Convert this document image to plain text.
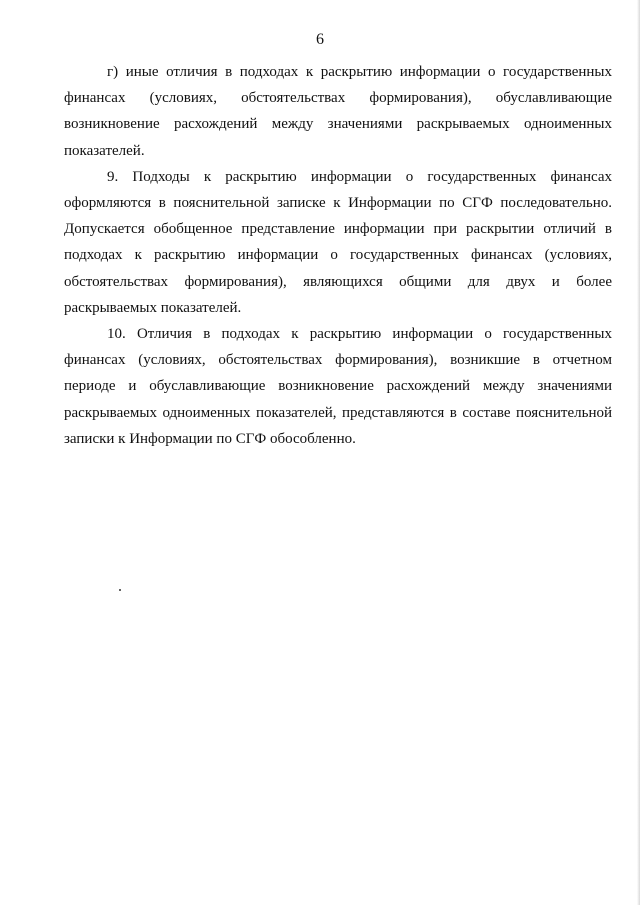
6

г) иные отличия в подходах к раскрытию информации о государственных финансах (условиях, обстоятельствах формирования), обуславливающие возникновение расхождений между значениями раскрываемых одноименных показателей.

9. Подходы к раскрытию информации о государственных финансах оформляются в пояснительной записке к Информации по СГФ последовательно. Допускается обобщенное представление информации при раскрытии отличий в подходах к раскрытию информации о государственных финансах (условиях, обстоятельствах формирования), являющихся общими для двух и более раскрываемых показателей.

10. Отличия в подходах к раскрытию информации о государственных финансах (условиях, обстоятельствах формирования), возникшие в отчетном периоде и обуславливающие возникновение расхождений между значениями раскрываемых одноименных показателей, представляются в составе пояснительной записки к Информации по СГФ обособленно.
